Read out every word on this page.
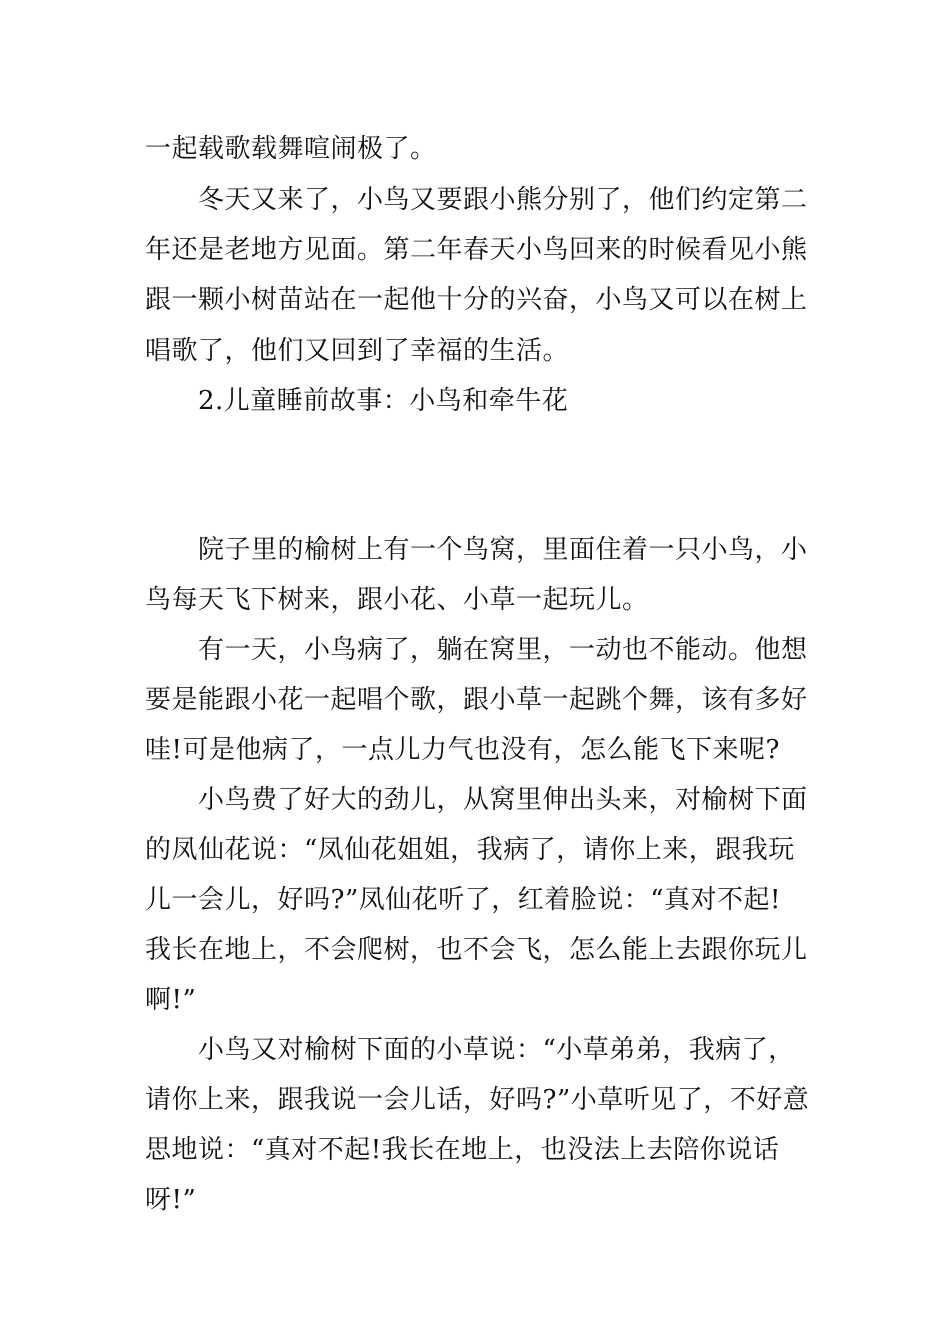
一起载歌载舞喧闹极了。
冬天又来了，小鸟又要跟小熊分别了，他们约定第二
年还是老地方见面。第二年春天小鸟回来的时候看见小熊
跟一颗小树苗站在一起他十分的兴奋，小鸟又可以在树上
唱歌了，他们又回到了幸福的生活。
2.儿童睡前故事：小鸟和牵牛花
院子里的榆树上有一个鸟窝，里面住着一只小鸟，小
鸟每天飞下树来，跟小花、小草一起玩儿。
有一天，小鸟病了，躺在窝里，一动也不能动。他想
要是能跟小花一起唱个歌，跟小草一起跳个舞，该有多好
哇!可是他病了，一点儿力气也没有，怎么能飞下来呢?
小鸟费了好大的劲儿，从窝里伸出头来，对榆树下面
的凤仙花说：“凤仙花姐姐，我病了，请你上来，跟我玩
儿一会儿，好吗?”凤仙花听了，红着脸说：“真对不起!
我长在地上，不会爬树，也不会飞，怎么能上去跟你玩儿
啊!”
小鸟又对榆树下面的小草说：“小草弟弟，我病了，
请你上来，跟我说一会儿话，好吗?”小草听见了，不好意
思地说：“真对不起!我长在地上，也没法上去陪你说话
呀!”
